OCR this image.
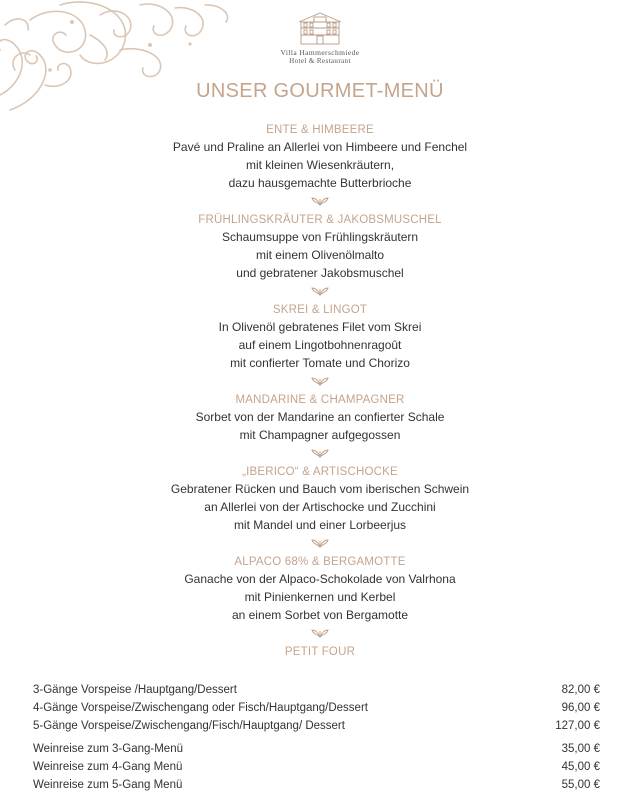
Villa Hammerschmiede
Hotel & Restaurant
UNSER GOURMET-MENÜ
ENTE & HIMBEERE
Pavé und Praline an Allerlei von Himbeere und Fenchel
mit kleinen Wiesenkräutern,
dazu hausgemachte Butterbrioche
FRÜHLINGSKRÄUTER & JAKOBSMUSCHEL
Schaumsuppe von Frühlingskräutern
mit einem Olivenölmalto
und gebratener Jakobsmuschel
SKREI & LINGOT
In Olivenöl gebratenes Filet vom Skrei
auf einem Lingotbohnenragoût
mit confierter Tomate und Chorizo
MANDARINE & CHAMPAGNER
Sorbet von der Mandarine an confierter Schale
mit Champagner aufgegossen
„IBERICO“ & ARTISCHOCKE
Gebratener Rücken und Bauch vom iberischen Schwein
an Allerlei von der Artischocke und Zucchini
mit Mandel und einer Lorbeerjus
ALPACO 68% & BERGAMOTTE
Ganache von der Alpaco-Schokolade von Valrhona
mit Pinienkernen und Kerbel
an einem Sorbet von Bergamotte
PETIT FOUR
3-Gänge Vorspeise /Hauptgang/Dessert	82,00 €
4-Gänge Vorspeise/Zwischengang oder Fisch/Hauptgang/Dessert	96,00 €
5-Gänge Vorspeise/Zwischengang/Fisch/Hauptgang/ Dessert	127,00 €
Weinreise zum 3-Gang-Menü	35,00 €
Weinreise zum 4-Gang Menü	45,00 €
Weinreise zum 5-Gang Menü	55,00 €
